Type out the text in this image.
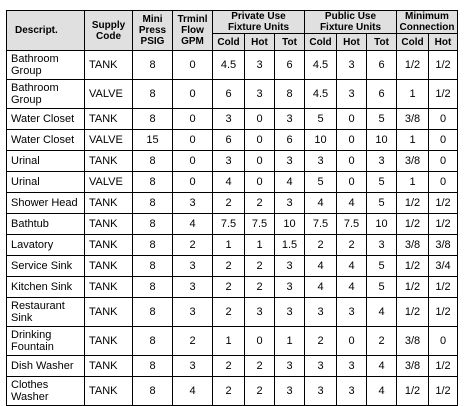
Descript.	Supply Code	Mini Press PSIG	Trminl Flow GPM	Private Use Fixture Units			Public Use Fixture Units			Minimum Connection	
				Cold	Hot	Tot	Cold	Hot	Tot	Cold	Hot
Bathroom Group	TANK	8	0	4.5	3	6	4.5	3	6	1/2	1/2
Bathroom Group	VALVE	8	0	6	3	8	4.5	3	6	1	1/2
Water Closet	TANK	8	0	3	0	3	5	0	5	3/8	0
Water Closet	VALVE	15	0	6	0	6	10	0	10	1	0
Urinal	TANK	8	0	3	0	3	3	0	3	3/8	0
Urinal	VALVE	8	0	4	0	4	5	0	5	1	0
Shower Head	TANK	8	3	2	2	3	4	4	5	1/2	1/2
Bathtub	TANK	8	4	7.5	7.5	10	7.5	7.5	10	1/2	1/2
Lavatory	TANK	8	2	1	1	1.5	2	2	3	3/8	3/8
Service Sink	TANK	8	3	2	2	3	4	4	5	1/2	3/4
Kitchen Sink	TANK	8	3	2	2	3	4	4	5	1/2	1/2
Restaurant Sink	TANK	8	3	2	3	3	3	3	4	1/2	1/2
Drinking Fountain	TANK	8	2	1	0	1	2	0	2	3/8	0
Dish Washer	TANK	8	3	2	2	3	3	3	4	3/8	1/2
Clothes Washer	TANK	8	4	2	2	3	3	3	4	1/2	1/2
